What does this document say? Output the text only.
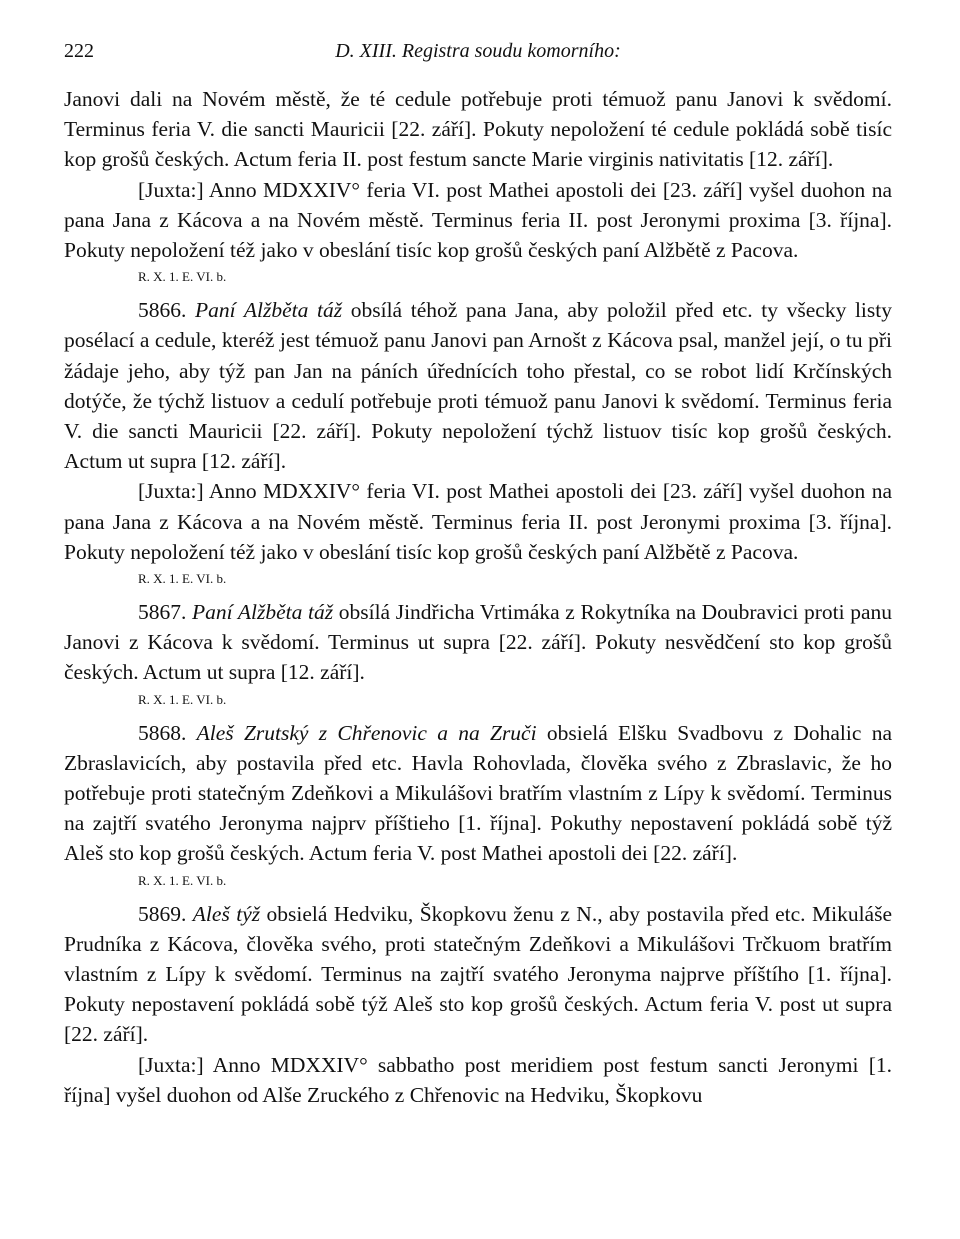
222	D. XIII. Registra soudu komorního:

Janovi dali na Novém městě, že té cedule potřebuje proti témuož panu Janovi k svědomí. Terminus feria V. die sancti Mauricii [22. září]. Pokuty nepoložení té cedule pokládá sobě tisíc kop grošů českých. Actum feria II. post festum sancte Marie virginis nativitatis [12. září].

[Juxta:] Anno MDXXIV° feria VI. post Mathei apostoli dei [23. září] vyšel duohon na pana Jana z Kácova a na Novém městě. Terminus feria II. post Jeronymi proxima [3. října]. Pokuty nepoložení též jako v obeslání tisíc kop grošů českých paní Alžbětě z Pacova.

R. X. 1. E. VI. b.

5866. Paní Alžběta táž obsílá téhož pana Jana, aby položil před etc. ty všecky listy posélací a cedule, kteréž jest témuož panu Janovi pan Arnošt z Kácova psal, manžel její, o tu při žádaje jeho, aby týž pan Jan na páních úřednících toho přestal, co se robot lidí Krčínských dotýče, že týchž listuov a cedulí potřebuje proti témuož panu Janovi k svědomí. Terminus feria V. die sancti Mauricii [22. září]. Pokuty nepoložení týchž listuov tisíc kop grošů českých. Actum ut supra [12. září].

[Juxta:] Anno MDXXIV° feria VI. post Mathei apostoli dei [23. září] vyšel duohon na pana Jana z Kácova a na Novém městě. Terminus feria II. post Jeronymi proxima [3. října]. Pokuty nepoložení též jako v obeslání tisíc kop grošů českých paní Alžbětě z Pacova.

R. X. 1. E. VI. b.

5867. Paní Alžběta táž obsílá Jindřicha Vrtimáka z Rokytníka na Doubravici proti panu Janovi z Kácova k svědomí. Terminus ut supra [22. září]. Pokuty nesvědčení sto kop grošů českých. Actum ut supra [12. září].

R. X. 1. E. VI. b.

5868. Aleš Zrutský z Chřenovic a na Zruči obsielá Elšku Svadbovu z Dohalic na Zbraslavicích, aby postavila před etc. Havla Rohovlada, člověka svého z Zbraslavic, že ho potřebuje proti statečným Zdeňkovi a Mikulášovi bratřím vlastním z Lípy k svědomí. Terminus na zajtří svatého Jeronyma najprv příštieho [1. října]. Pokuthy nepostavení pokládá sobě týž Aleš sto kop grošů českých. Actum feria V. post Mathei apostoli dei [22. září].

R. X. 1. E. VI. b.

5869. Aleš týž obsielá Hedviku, Škopkovu ženu z N., aby postavila před etc. Mikuláše Prudníka z Kácova, člověka svého, proti statečným Zdeňkovi a Mikulášovi Trčkuom bratřím vlastním z Lípy k svědomí. Terminus na zajtří svatého Jeronyma najprve příštího [1. října]. Pokuty nepostavení pokládá sobě týž Aleš sto kop grošů českých. Actum feria V. post ut supra [22. září].

[Juxta:] Anno MDXXIV° sabbatho post meridiem post festum sancti Jeronymi [1. října] vyšel duohon od Alše Zruckého z Chřenovic na Hedviku, Škopkovu
